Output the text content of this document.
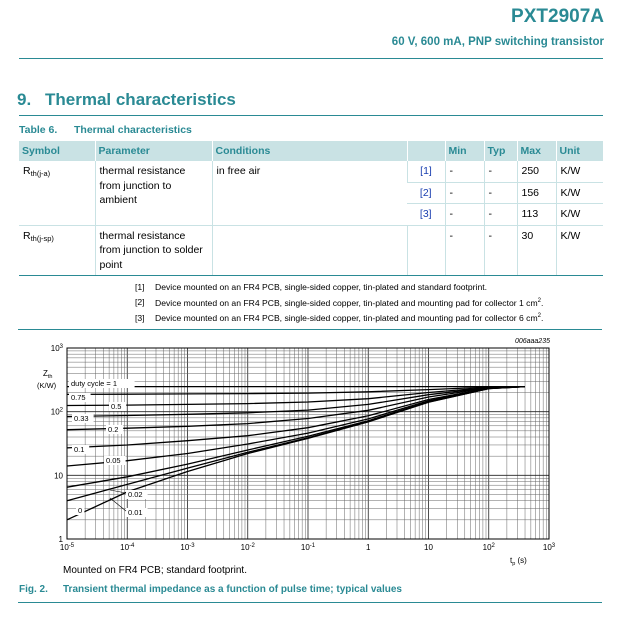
PXT2907A

60 V, 600 mA, PNP switching transistor

9. Thermal characteristics
Table 6. Thermal characteristics
Symbol	Parameter	Conditions		Min	Typ	Max	Unit
Rth(j-a)	thermal resistance from junction to ambient	in free air	[1]	-	-	250	K/W
			[2]	-	-	156	K/W
			[3]	-	-	113	K/W
Rth(j-sp)	thermal resistance from junction to solder point			-	-	30	K/W
[1] Device mounted on an FR4 PCB, single-sided copper, tin-plated and standard footprint.
[2] Device mounted on an FR4 PCB, single-sided copper, tin-plated and mounting pad for collector 1 $cm^2$.
[3] Device mounted on an FR4 PCB, single-sided copper, tin-plated and mounting pad for collector 6 $cm^2$.
$10^{-5}$	$10^{-4}$	$10^{-3}$	$10^{-2}$	$10^{-1}$	1	10	$10^2$	$10^3$
1
10
$10^2$
$10^3$
$Z_{th}$
(K/W)
$t_p$ (s)
006aaa235
duty cycle = 1
0.75
0.5
0.33
0.2
0.1
0.05
0.02
0.01
0
Mounted on FR4 PCB; standard footprint.
Fig. 2. Transient thermal impedance as a function of pulse time; typical values
